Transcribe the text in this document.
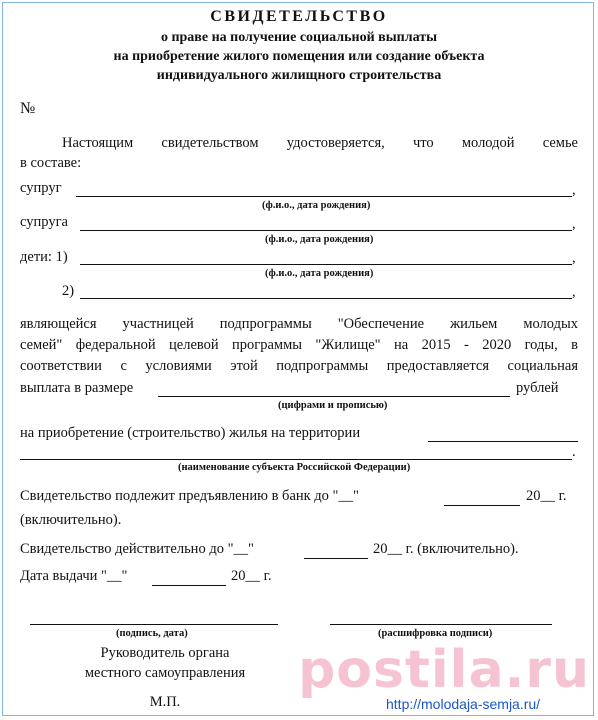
СВИДЕТЕЛЬСТВО
о праве на получение социальной выплаты
на приобретение жилого помещения или создание объекта
индивидуального жилищного строительства
№
Настоящим свидетельством удостоверяется, что молодой семье
в составе:
супруг	,
(ф.и.о., дата рождения)
супруга	,
(ф.и.о., дата рождения)
дети: 1)	,
(ф.и.о., дата рождения)
2)	,
являющейся участницей подпрограммы "Обеспечение жильем молодых
семей" федеральной целевой программы "Жилище" на 2015 - 2020 годы, в
соответствии с условиями этой подпрограммы предоставляется социальная
выплата в размере	рублей
(цифрами и прописью)
на приобретение (строительство) жилья на территории
.
(наименование субъекта Российской Федерации)
Свидетельство подлежит предъявлению в банк до "__"	20__ г.
(включительно).
Свидетельство действительно до "__"	20__ г. (включительно).
Дата выдачи "__"	20__ г.
(подпись, дата)	(расшифровка подписи)
Руководитель органа
местного самоуправления
М.П.
postila.ru
http://molodaja-semja.ru/
